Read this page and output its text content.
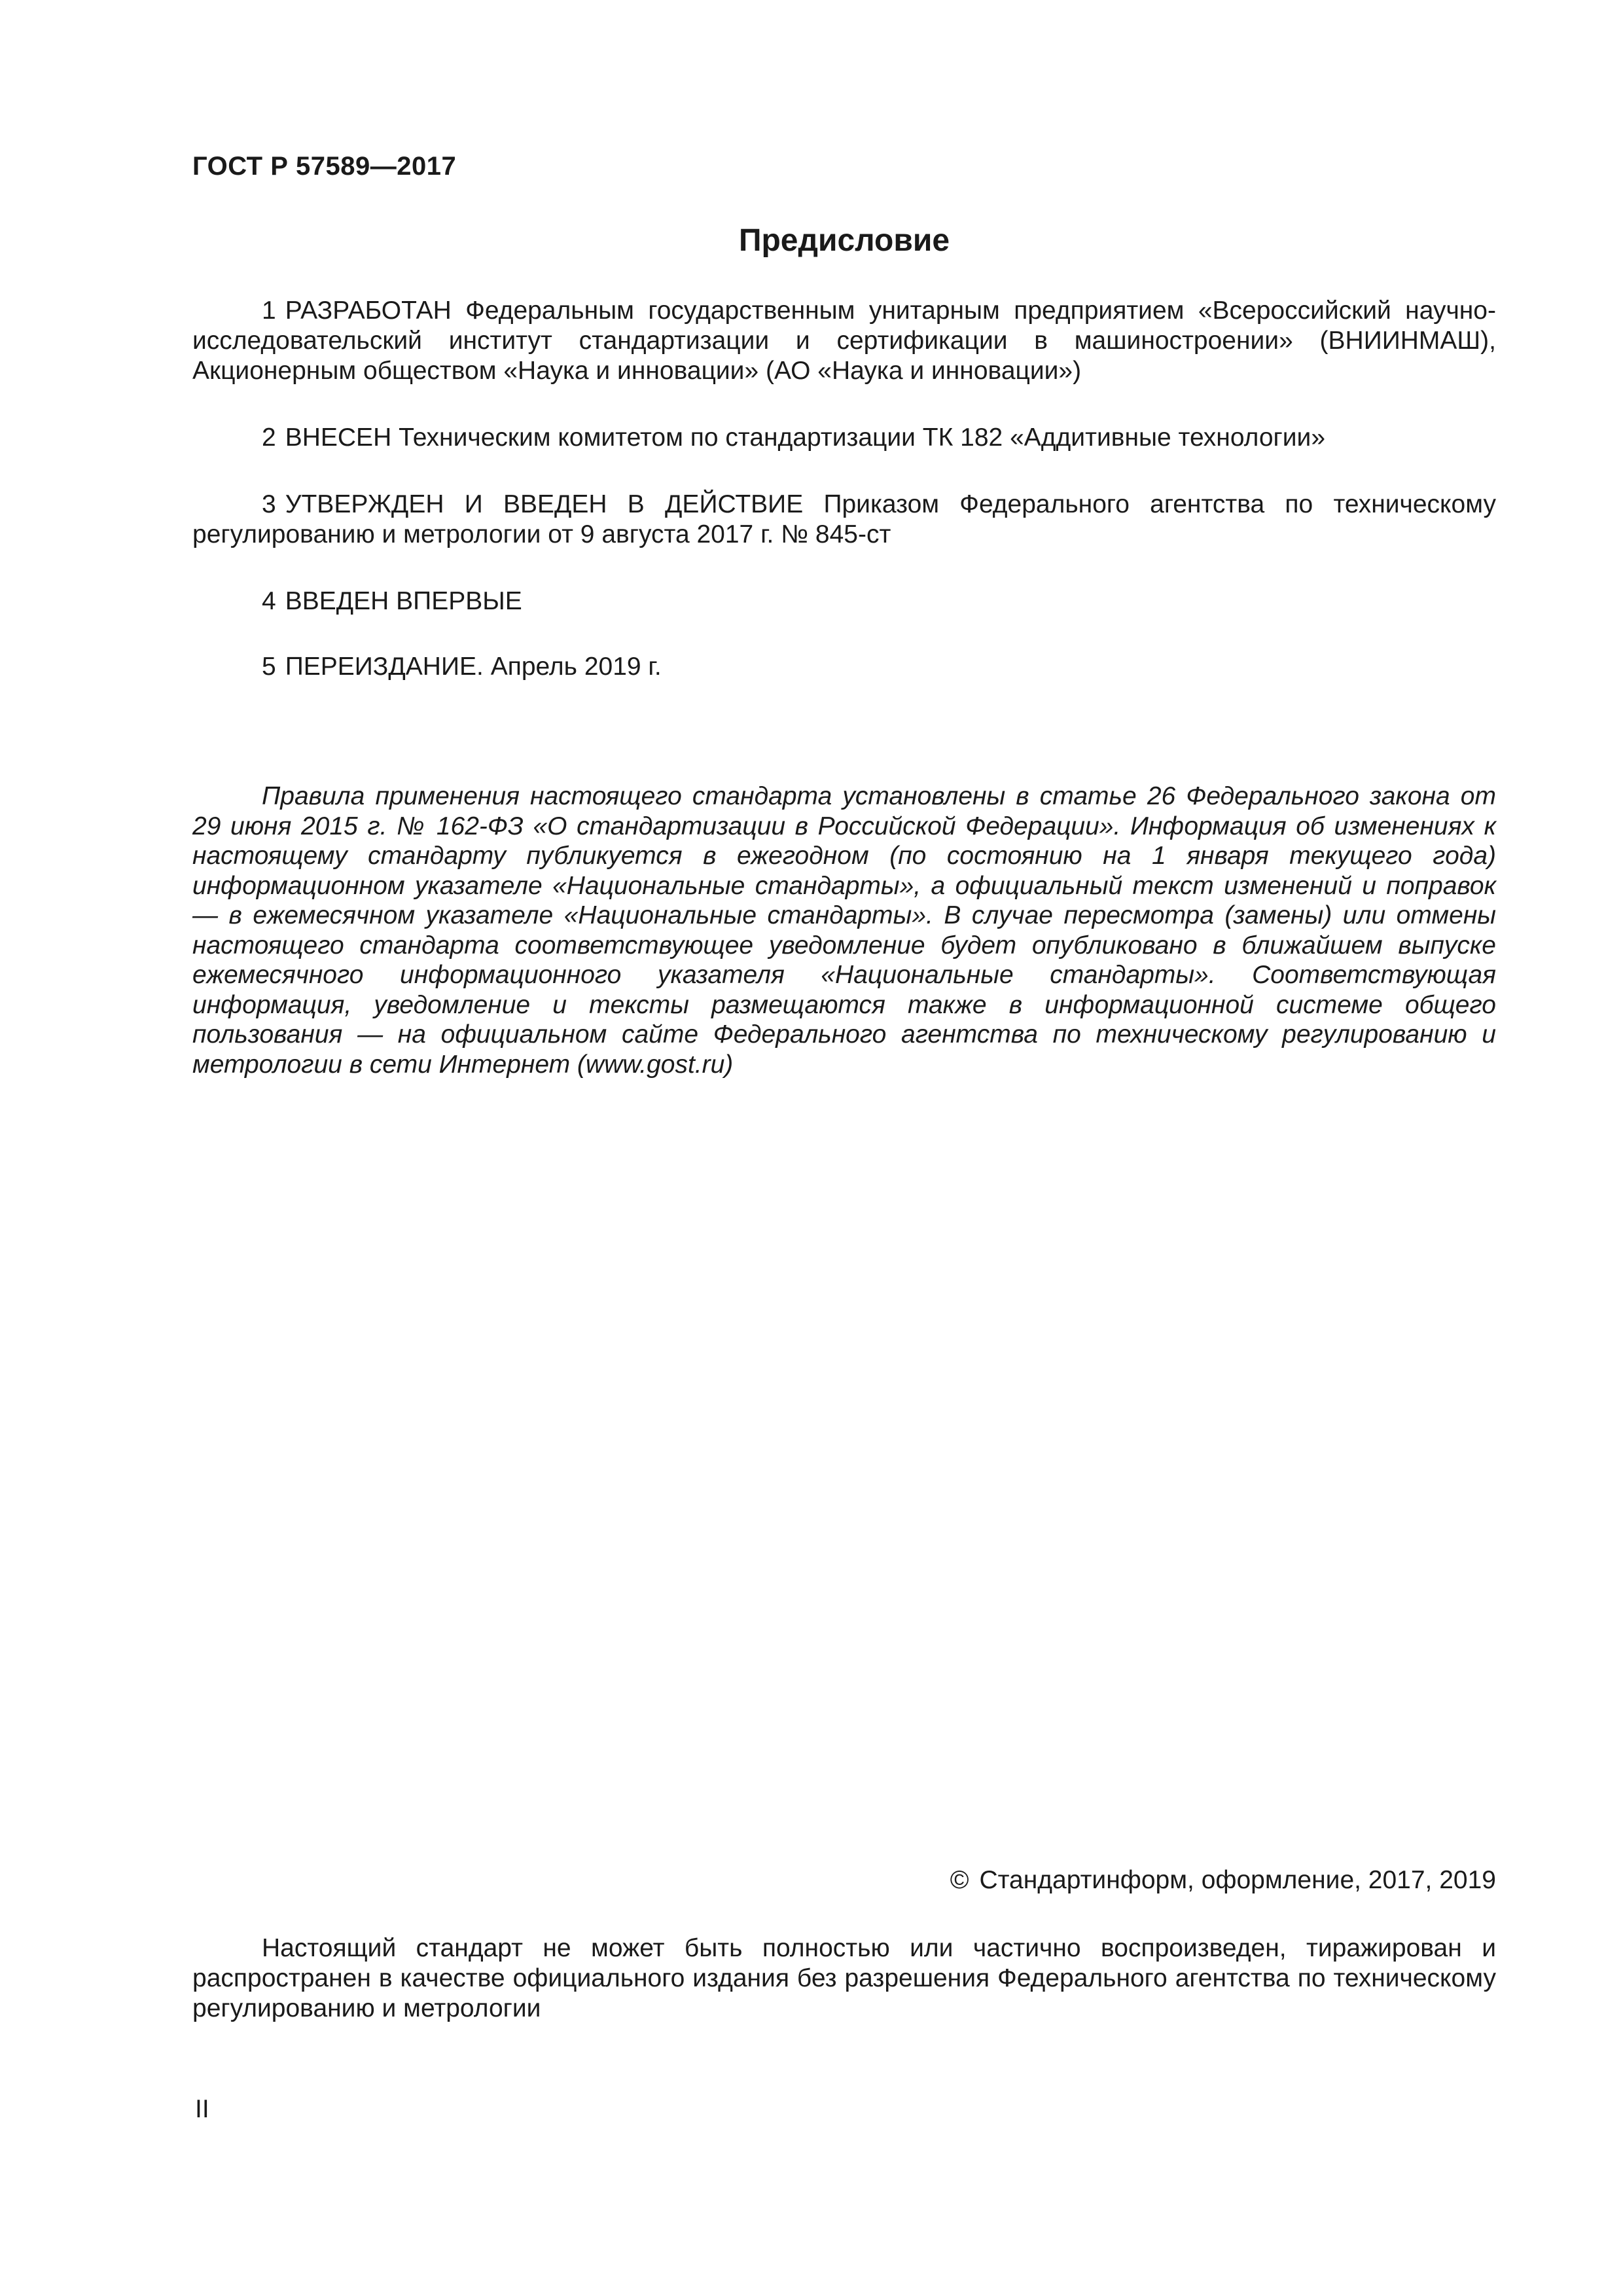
ГОСТ Р 57589—2017
Предисловие

1 РАЗРАБОТАН Федеральным государственным унитарным предприятием «Всероссийский научно-исследовательский институт стандартизации и сертификации в машиностроении» (ВНИИНМАШ), Акционерным обществом «Наука и инновации» (АО «Наука и инновации»)

2 ВНЕСЕН Техническим комитетом по стандартизации ТК 182 «Аддитивные технологии»

3 УТВЕРЖДЕН И ВВЕДЕН В ДЕЙСТВИЕ Приказом Федерального агентства по техническому регулированию и метрологии от 9 августа 2017 г. № 845-ст

4 ВВЕДЕН ВПЕРВЫЕ

5 ПЕРЕИЗДАНИЕ. Апрель 2019 г.

Правила применения настоящего стандарта установлены в статье 26 Федерального закона от 29 июня 2015 г. № 162-ФЗ «О стандартизации в Российской Федерации». Информация об изменениях к настоящему стандарту публикуется в ежегодном (по состоянию на 1 января текущего года) информационном указателе «Национальные стандарты», а официальный текст изменений и поправок — в ежемесячном указателе «Национальные стандарты». В случае пересмотра (замены) или отмены настоящего стандарта соответствующее уведомление будет опубликовано в ближайшем выпуске ежемесячного информационного указателя «Национальные стандарты». Соответствующая информация, уведомление и тексты размещаются также в информационной системе общего пользования — на официальном сайте Федерального агентства по техническому регулированию и метрологии в сети Интернет (www.gost.ru)

© Стандартинформ, оформление, 2017, 2019

Настоящий стандарт не может быть полностью или частично воспроизведен, тиражирован и распространен в качестве официального издания без разрешения Федерального агентства по техническому регулированию и метрологии

II
